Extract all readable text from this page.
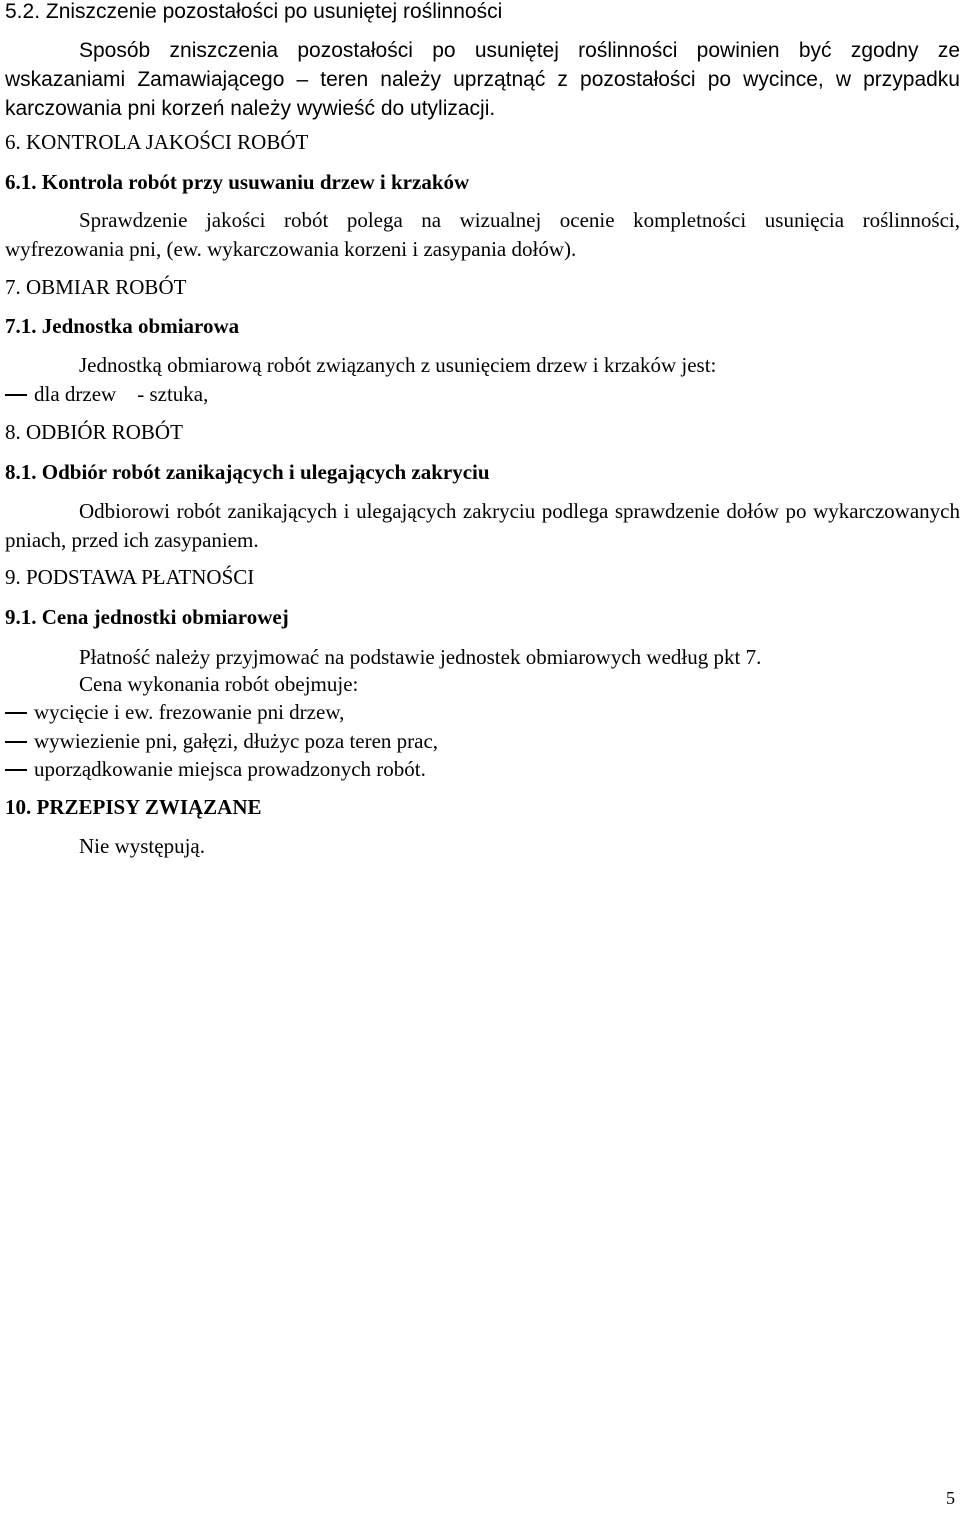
5.2. Zniszczenie pozostałości po usuniętej roślinności
Sposób zniszczenia pozostałości po usuniętej roślinności powinien być zgodny ze wskazaniami Zamawiającego – teren należy uprzątnąć z pozostałości po wycince, w przypadku karczowania pni korzeń należy wywieść do utylizacji.
6. KONTROLA JAKOŚCI ROBÓT
6.1. Kontrola robót przy usuwaniu drzew i krzaków
Sprawdzenie jakości robót polega na wizualnej ocenie kompletności usunięcia roślinności, wyfrezowania pni, (ew. wykarczowania korzeni i zasypania dołów).
7. OBMIAR ROBÓT
7.1. Jednostka obmiarowa
Jednostką obmiarową robót związanych z usunięciem drzew i krzaków jest:
dla drzew    - sztuka,
8. ODBIÓR ROBÓT
8.1. Odbiór robót zanikających i ulegających zakryciu
Odbiorowi robót zanikających i ulegających zakryciu podlega sprawdzenie dołów po wykarczowanych pniach, przed ich zasypaniem.
9. PODSTAWA PŁATNOŚCI
9.1. Cena jednostki obmiarowej
Płatność należy przyjmować na podstawie jednostek obmiarowych według pkt 7.
Cena wykonania robót obejmuje:
wycięcie i ew. frezowanie pni drzew,
wywiezienie pni, gałęzi, dłużyc poza teren prac,
uporządkowanie miejsca prowadzonych robót.
10. PRZEPISY ZWIĄZANE
Nie występują.
5
